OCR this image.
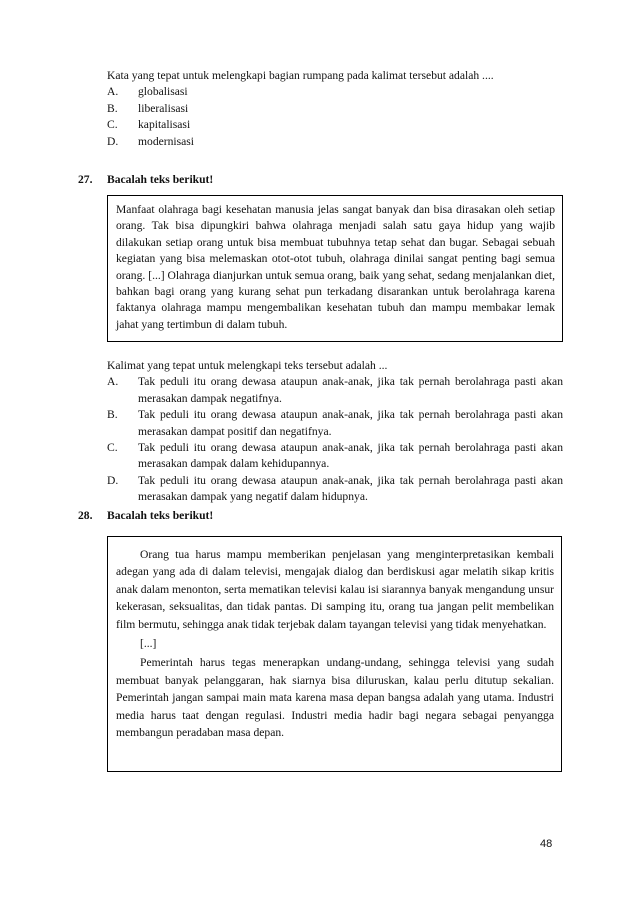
Kata yang tepat untuk melengkapi bagian rumpang pada kalimat tersebut adalah ....
A.	globalisasi
B.	liberalisasi
C.	kapitalisasi
D.	modernisasi
27. Bacalah teks berikut!

Manfaat olahraga bagi kesehatan manusia jelas sangat banyak dan bisa dirasakan oleh setiap orang. Tak bisa dipungkiri bahwa olahraga menjadi salah satu gaya hidup yang wajib dilakukan setiap orang untuk bisa membuat tubuhnya tetap sehat dan bugar. Sebagai sebuah kegiatan yang bisa melemaskan otot-otot tubuh, olahraga dinilai sangat penting bagi semua orang. [...] Olahraga dianjurkan untuk semua orang, baik yang sehat, sedang menjalankan diet, bahkan bagi orang yang kurang sehat pun terkadang disarankan untuk berolahraga karena faktanya olahraga mampu mengembalikan kesehatan tubuh dan mampu membakar lemak jahat yang tertimbun di dalam tubuh.

Kalimat yang tepat untuk melengkapi teks tersebut adalah ...
A.	Tak peduli itu orang dewasa ataupun anak-anak, jika tak pernah berolahraga pasti akan merasakan dampak negatifnya.
B.	Tak peduli itu orang dewasa ataupun anak-anak, jika tak pernah berolahraga pasti akan merasakan dampat positif dan negatifnya.
C.	Tak peduli itu orang dewasa ataupun anak-anak, jika tak pernah berolahraga pasti akan merasakan dampak dalam kehidupannya.
D.	Tak peduli itu orang dewasa ataupun anak-anak, jika tak pernah berolahraga pasti akan merasakan dampak yang negatif dalam hidupnya.
28. Bacalah teks berikut!

Orang tua harus mampu memberikan penjelasan yang menginterpretasikan kembali adegan yang ada di dalam televisi, mengajak dialog dan berdiskusi agar melatih sikap kritis anak dalam menonton, serta mematikan televisi kalau isi siarannya banyak mengandung unsur kekerasan, seksualitas, dan tidak pantas. Di samping itu, orang tua jangan pelit membelikan film bermutu, sehingga anak tidak terjebak dalam tayangan televisi yang tidak menyehatkan.

[...]

Pemerintah harus tegas menerapkan undang-undang, sehingga televisi yang sudah membuat banyak pelanggaran, hak siarnya bisa diluruskan, kalau perlu ditutup sekalian. Pemerintah jangan sampai main mata karena masa depan bangsa adalah yang utama. Industri media harus taat dengan regulasi. Industri media hadir bagi negara sebagai penyangga membangun peradaban masa depan.

48
